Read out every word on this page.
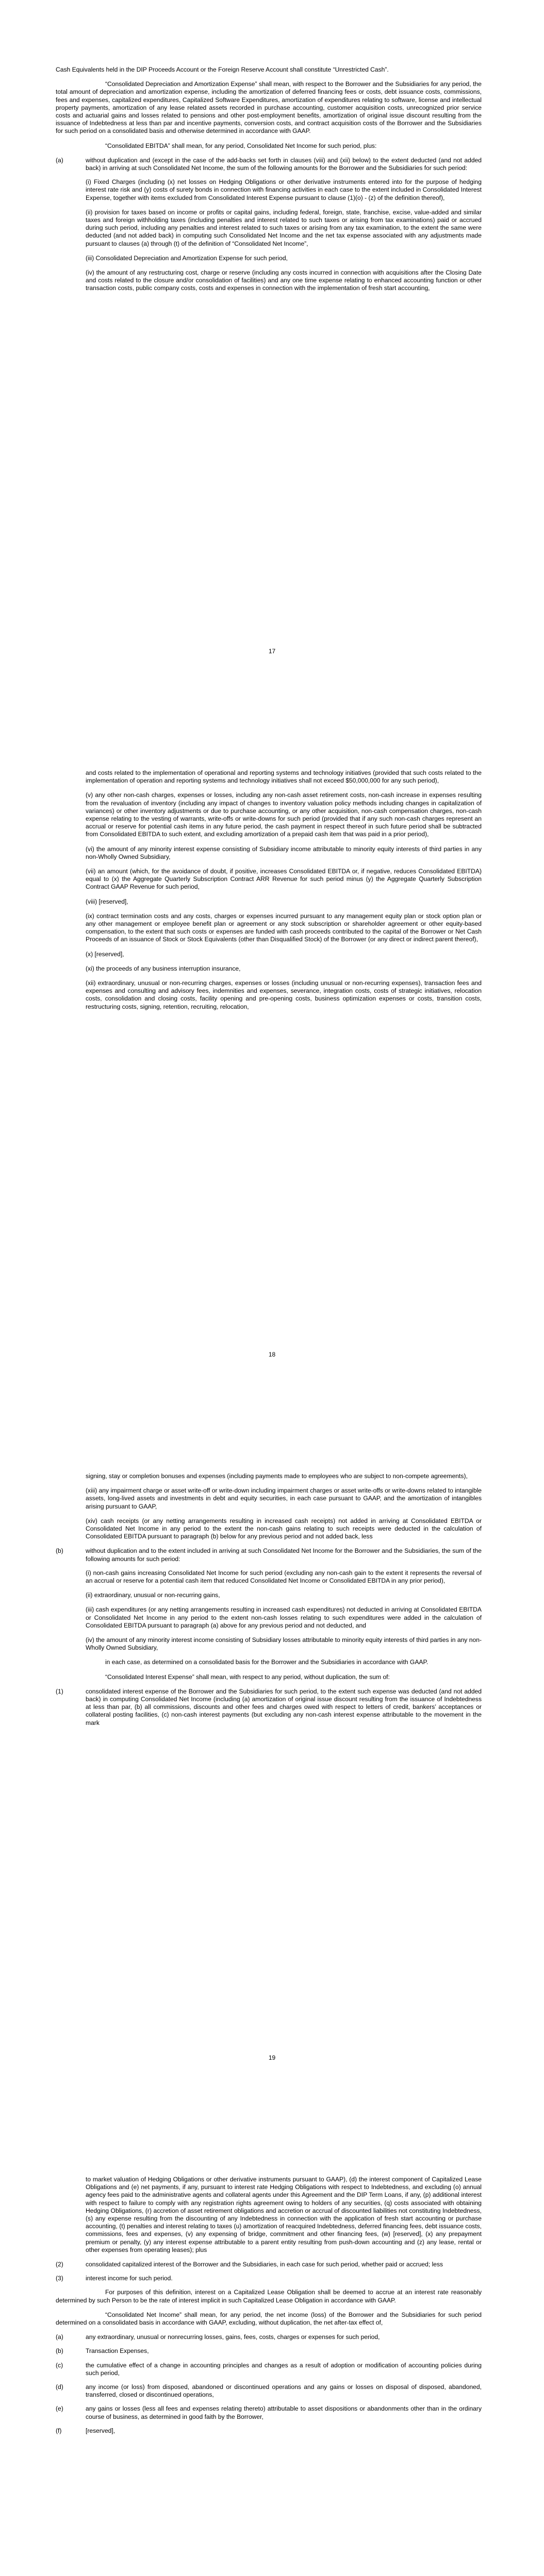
Cash Equivalents held in the DIP Proceeds Account or the Foreign Reserve Account shall constitute “Unrestricted Cash”.

“Consolidated Depreciation and Amortization Expense” shall mean, with respect to the Borrower and the Subsidiaries for any period, the total amount of depreciation and amortization expense, including the amortization of deferred financing fees or costs, debt issuance costs, commissions, fees and expenses, capitalized expenditures, Capitalized Software Expenditures, amortization of expenditures relating to software, license and intellectual property payments, amortization of any lease related assets recorded in purchase accounting, customer acquisition costs, unrecognized prior service costs and actuarial gains and losses related to pensions and other post-employment benefits, amortization of original issue discount resulting from the issuance of Indebtedness at less than par and incentive payments, conversion costs, and contract acquisition costs of the Borrower and the Subsidiaries for such period on a consolidated basis and otherwise determined in accordance with GAAP.

“Consolidated EBITDA” shall mean, for any period, Consolidated Net Income for such period, plus:

(a)	without duplication and (except in the case of the add-backs set forth in clauses (viii) and (xii) below) to the extent deducted (and not added back) in arriving at such Consolidated Net Income, the sum of the following amounts for the Borrower and the Subsidiaries for such period:

(i) Fixed Charges (including (x) net losses on Hedging Obligations or other derivative instruments entered into for the purpose of hedging interest rate risk and (y) costs of surety bonds in connection with financing activities in each case to the extent included in Consolidated Interest Expense, together with items excluded from Consolidated Interest Expense pursuant to clause (1)(o) - (z) of the definition thereof),

(ii) provision for taxes based on income or profits or capital gains, including federal, foreign, state, franchise, excise, value-added and similar taxes and foreign withholding taxes (including penalties and interest related to such taxes or arising from tax examinations) paid or accrued during such period, including any penalties and interest related to such taxes or arising from any tax examination, to the extent the same were deducted (and not added back) in computing such Consolidated Net Income and the net tax expense associated with any adjustments made pursuant to clauses (a) through (t) of the definition of “Consolidated Net Income”,

(iii) Consolidated Depreciation and Amortization Expense for such period,

(iv) the amount of any restructuring cost, charge or reserve (including any costs incurred in connection with acquisitions after the Closing Date and costs related to the closure and/or consolidation of facilities) and any one time expense relating to enhanced accounting function or other transaction costs, public company costs, costs and expenses in connection with the implementation of fresh start accounting,

17

and costs related to the implementation of operational and reporting systems and technology initiatives (provided that such costs related to the implementation of operation and reporting systems and technology initiatives shall not exceed $50,000,000 for any such period),

(v) any other non-cash charges, expenses or losses, including any non-cash asset retirement costs, non-cash increase in expenses resulting from the revaluation of inventory (including any impact of changes to inventory valuation policy methods including changes in capitalization of variances) or other inventory adjustments or due to purchase accounting, or any other acquisition, non-cash compensation charges, non-cash expense relating to the vesting of warrants, write-offs or write-downs for such period (provided that if any such non-cash charges represent an accrual or reserve for potential cash items in any future period, the cash payment in respect thereof in such future period shall be subtracted from Consolidated EBITDA to such extent, and excluding amortization of a prepaid cash item that was paid in a prior period),

(vi) the amount of any minority interest expense consisting of Subsidiary income attributable to minority equity interests of third parties in any non-Wholly Owned Subsidiary,

(vii) an amount (which, for the avoidance of doubt, if positive, increases Consolidated EBITDA or, if negative, reduces Consolidated EBITDA) equal to (x) the Aggregate Quarterly Subscription Contract ARR Revenue for such period minus (y) the Aggregate Quarterly Subscription Contract GAAP Revenue for such period,

(viii) [reserved],

(ix) contract termination costs and any costs, charges or expenses incurred pursuant to any management equity plan or stock option plan or any other management or employee benefit plan or agreement or any stock subscription or shareholder agreement or other equity-based compensation, to the extent that such costs or expenses are funded with cash proceeds contributed to the capital of the Borrower or Net Cash Proceeds of an issuance of Stock or Stock Equivalents (other than Disqualified Stock) of the Borrower (or any direct or indirect parent thereof),

(x) [reserved],

(xi) the proceeds of any business interruption insurance,

(xii) extraordinary, unusual or non-recurring charges, expenses or losses (including unusual or non-recurring expenses), transaction fees and expenses and consulting and advisory fees, indemnities and expenses, severance, integration costs, costs of strategic initiatives, relocation costs, consolidation and closing costs, facility opening and pre-opening costs, business optimization expenses or costs, transition costs, restructuring costs, signing, retention, recruiting, relocation,

18

signing, stay or completion bonuses and expenses (including payments made to employees who are subject to non-compete agreements),

(xiii) any impairment charge or asset write-off or write-down including impairment charges or asset write-offs or write-downs related to intangible assets, long-lived assets and investments in debt and equity securities, in each case pursuant to GAAP, and the amortization of intangibles arising pursuant to GAAP,

(xiv) cash receipts (or any netting arrangements resulting in increased cash receipts) not added in arriving at Consolidated EBITDA or Consolidated Net Income in any period to the extent the non-cash gains relating to such receipts were deducted in the calculation of Consolidated EBITDA pursuant to paragraph (b) below for any previous period and not added back, less

(b)	without duplication and to the extent included in arriving at such Consolidated Net Income for the Borrower and the Subsidiaries, the sum of the following amounts for such period:

(i) non-cash gains increasing Consolidated Net Income for such period (excluding any non-cash gain to the extent it represents the reversal of an accrual or reserve for a potential cash item that reduced Consolidated Net Income or Consolidated EBITDA in any prior period),

(ii) extraordinary, unusual or non-recurring gains,

(iii) cash expenditures (or any netting arrangements resulting in increased cash expenditures) not deducted in arriving at Consolidated EBITDA or Consolidated Net Income in any period to the extent non-cash losses relating to such expenditures were added in the calculation of Consolidated EBITDA pursuant to paragraph (a) above for any previous period and not deducted, and

(iv) the amount of any minority interest income consisting of Subsidiary losses attributable to minority equity interests of third parties in any non-Wholly Owned Subsidiary,

in each case, as determined on a consolidated basis for the Borrower and the Subsidiaries in accordance with GAAP.

“Consolidated Interest Expense” shall mean, with respect to any period, without duplication, the sum of:

(1)	consolidated interest expense of the Borrower and the Subsidiaries for such period, to the extent such expense was deducted (and not added back) in computing Consolidated Net Income (including (a) amortization of original issue discount resulting from the issuance of Indebtedness at less than par, (b) all commissions, discounts and other fees and charges owed with respect to letters of credit, bankers’ acceptances or collateral posting facilities, (c) non-cash interest payments (but excluding any non-cash interest expense attributable to the movement in the mark
19

to market valuation of Hedging Obligations or other derivative instruments pursuant to GAAP), (d) the interest component of Capitalized Lease Obligations and (e) net payments, if any, pursuant to interest rate Hedging Obligations with respect to Indebtedness, and excluding (o) annual agency fees paid to the administrative agents and collateral agents under this Agreement and the DIP Term Loans, if any, (p) additional interest with respect to failure to comply with any registration rights agreement owing to holders of any securities, (q) costs associated with obtaining Hedging Obligations, (r) accretion of asset retirement obligations and accretion or accrual of discounted liabilities not constituting Indebtedness, (s) any expense resulting from the discounting of any Indebtedness in connection with the application of fresh start accounting or purchase accounting, (t) penalties and interest relating to taxes (u) amortization of reacquired Indebtedness, deferred financing fees, debt issuance costs, commissions, fees and expenses, (v) any expensing of bridge, commitment and other financing fees, (w) [reserved], (x) any prepayment premium or penalty, (y) any interest expense attributable to a parent entity resulting from push-down accounting and (z) any lease, rental or other expenses from operating leases); plus

(2)	consolidated capitalized interest of the Borrower and the Subsidiaries, in each case for such period, whether paid or accrued; less
(3)	interest income for such period.

For purposes of this definition, interest on a Capitalized Lease Obligation shall be deemed to accrue at an interest rate reasonably determined by such Person to be the rate of interest implicit in such Capitalized Lease Obligation in accordance with GAAP.

“Consolidated Net Income” shall mean, for any period, the net income (loss) of the Borrower and the Subsidiaries for such period determined on a consolidated basis in accordance with GAAP, excluding, without duplication, the net after-tax effect of,

(a)	any extraordinary, unusual or nonrecurring losses, gains, fees, costs, charges or expenses for such period,
(b)	Transaction Expenses,
(c)	the cumulative effect of a change in accounting principles and changes as a result of adoption or modification of accounting policies during such period,
(d)	any income (or loss) from disposed, abandoned or discontinued operations and any gains or losses on disposal of disposed, abandoned, transferred, closed or discontinued operations,
(e)	any gains or losses (less all fees and expenses relating thereto) attributable to asset dispositions or abandonments other than in the ordinary course of business, as determined in good faith by the Borrower,
(f)	[reserved],
